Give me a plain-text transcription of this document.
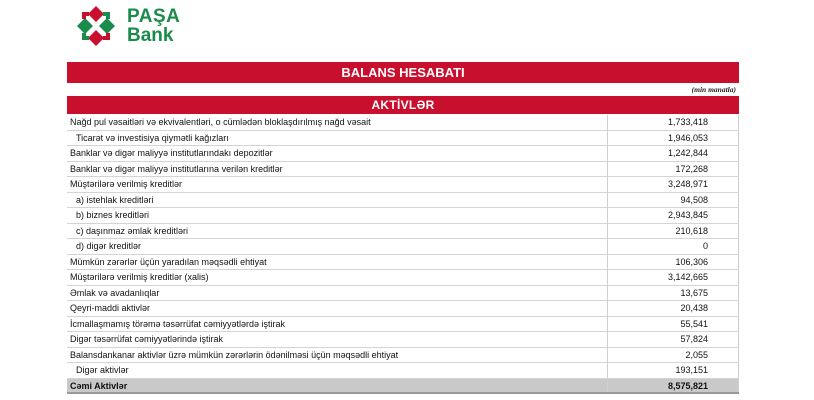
PAŞA
Bank
BALANS HESABATI
(min manatla)
AKTİVLƏR
Nağd pul vəsaitləri və ekvivalentləri, o cümlədən bloklaşdırılmış nağd vəsait	1,733,418
Ticarət və investisiya qiymətli kağızları	1,946,053
Banklar və digər maliyyə institutlarındakı depozitlər	1,242,844
Banklar və digər maliyyə institutlarına verilən kreditlər	172,268
Müştərilərə verilmiş kreditlər	3,248,971
a) istehlak kreditləri	94,508
b) biznes kreditləri	2,943,845
c) daşınmaz əmlak kreditləri	210,618
d) digər kreditlər	0
Mümkün zərərlər üçün yaradılan məqsədli ehtiyat	106,306
Müştərilərə verilmiş kreditlər (xalis)	3,142,665
Əmlak və avadanlıqlar	13,675
Qeyri-maddi aktivlər	20,438
İcmallaşmamış törəmə təsərrüfat cəmiyyətlərdə iştirak	55,541
Digər təsərrüfat cəmiyyətlərində iştirak	57,824
Balansdankanar aktivlər üzrə mümkün zərərlərin ödənilməsi üçün məqsədli ehtiyat	2,055
Digər aktivlər	193,151
Cəmi Aktivlər	8,575,821
